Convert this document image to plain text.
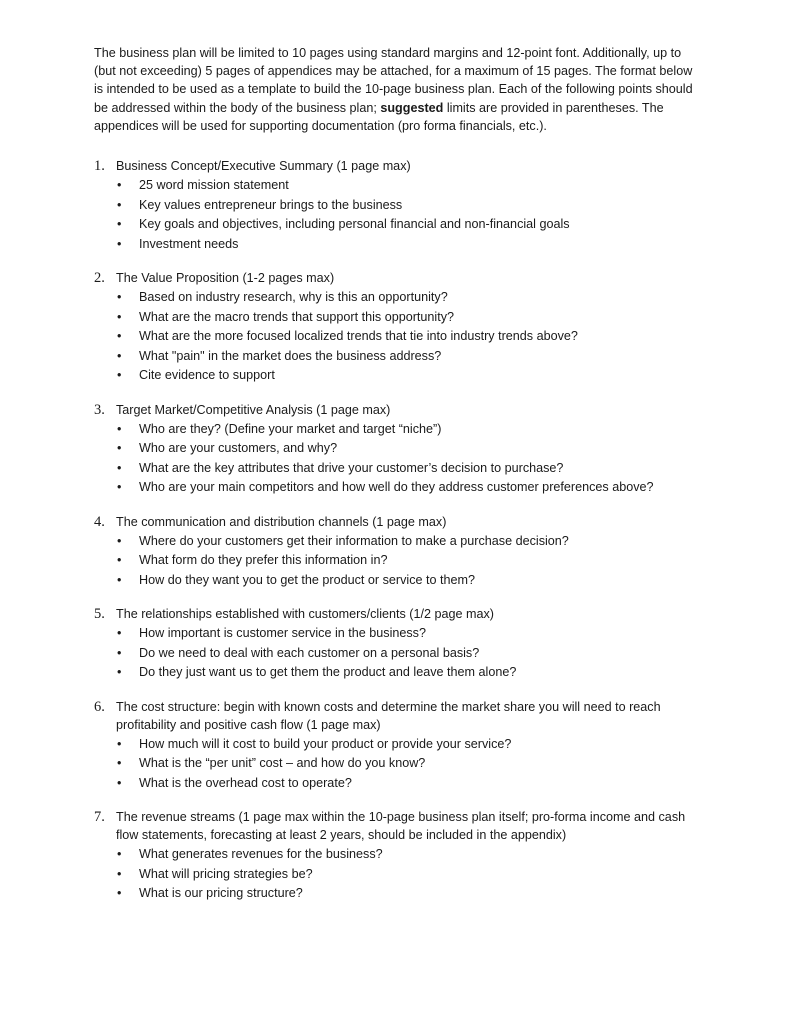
The business plan will be limited to 10 pages using standard margins and 12-point font. Additionally, up to (but not exceeding) 5 pages of appendices may be attached, for a maximum of 15 pages. The format below is intended to be used as a template to build the 10-page business plan. Each of the following points should be addressed within the body of the business plan; suggested limits are provided in parentheses. The appendices will be used for supporting documentation (pro forma financials, etc.).

1. Business Concept/Executive Summary (1 page max)
• 25 word mission statement
• Key values entrepreneur brings to the business
• Key goals and objectives, including personal financial and non-financial goals
• Investment needs
2. The Value Proposition (1-2 pages max)
• Based on industry research, why is this an opportunity?
• What are the macro trends that support this opportunity?
• What are the more focused localized trends that tie into industry trends above?
• What "pain" in the market does the business address?
• Cite evidence to support
3. Target Market/Competitive Analysis (1 page max)
• Who are they? (Define your market and target “niche”)
• Who are your customers, and why?
• What are the key attributes that drive your customer’s decision to purchase?
• Who are your main competitors and how well do they address customer preferences above?
4. The communication and distribution channels (1 page max)
• Where do your customers get their information to make a purchase decision?
• What form do they prefer this information in?
• How do they want you to get the product or service to them?
5. The relationships established with customers/clients (1/2 page max)
• How important is customer service in the business?
• Do we need to deal with each customer on a personal basis?
• Do they just want us to get them the product and leave them alone?
6. The cost structure: begin with known costs and determine the market share you will need to reach profitability and positive cash flow (1 page max)
• How much will it cost to build your product or provide your service?
• What is the “per unit” cost – and how do you know?
• What is the overhead cost to operate?
7. The revenue streams (1 page max within the 10-page business plan itself; pro-forma income and cash flow statements, forecasting at least 2 years, should be included in the appendix)
• What generates revenues for the business?
• What will pricing strategies be?
• What is our pricing structure?
